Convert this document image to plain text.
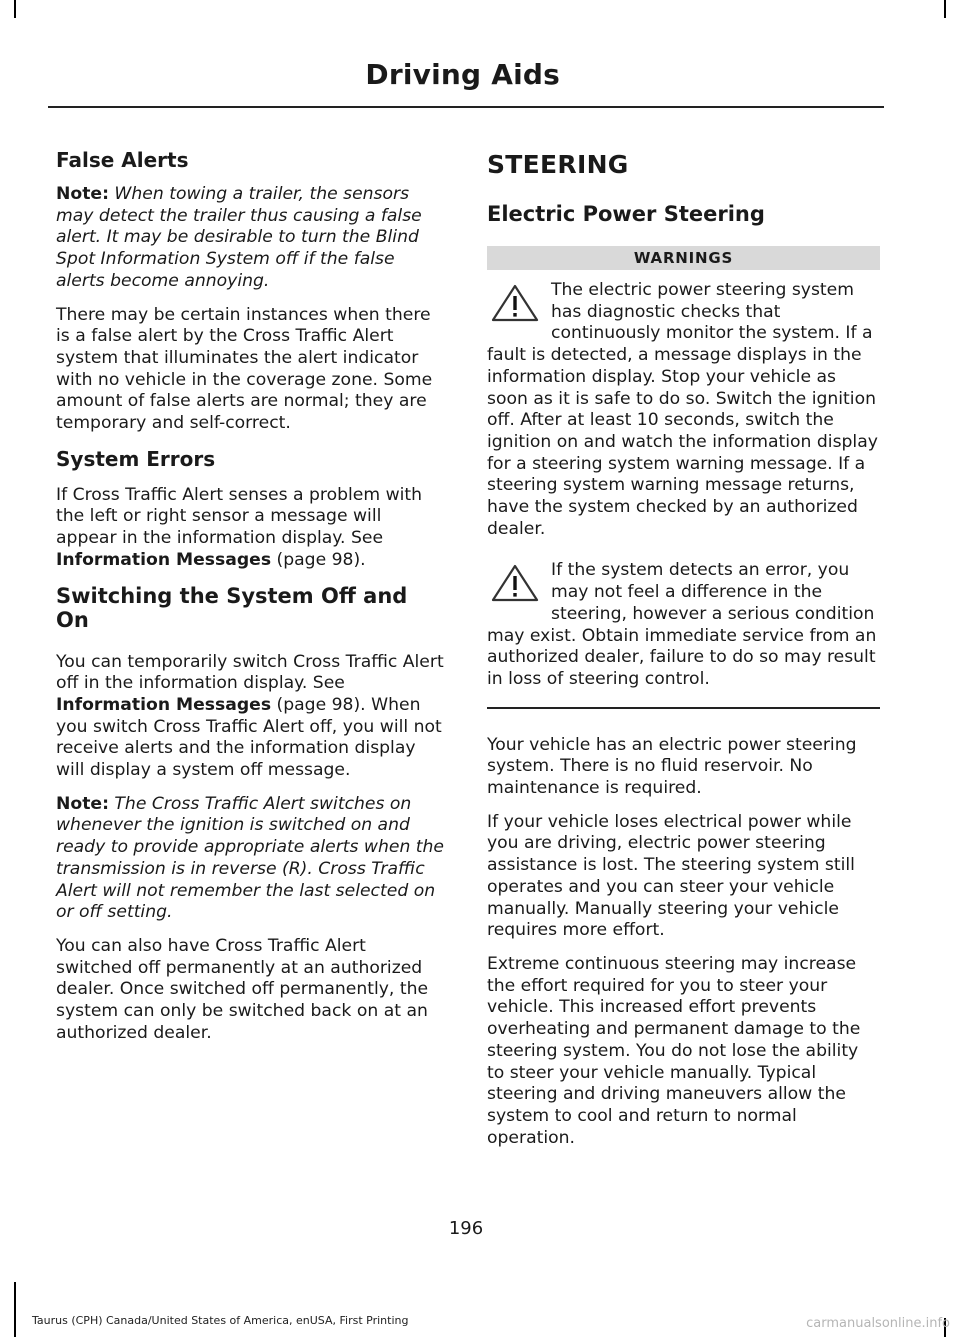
Driving Aids
False Alerts

Note: When towing a trailer, the sensors may detect the trailer thus causing a false alert. It may be desirable to turn the Blind Spot Information System off if the false alerts become annoying.

There may be certain instances when there is a false alert by the Cross Traffic Alert system that illuminates the alert indicator with no vehicle in the coverage zone. Some amount of false alerts are normal; they are temporary and self-correct.

System Errors

If Cross Traffic Alert senses a problem with the left or right sensor a message will appear in the information display. See Information Messages (page 98).

Switching the System Off and On

You can temporarily switch Cross Traffic Alert off in the information display. See Information Messages (page 98). When you switch Cross Traffic Alert off, you will not receive alerts and the information display will display a system off message.

Note: The Cross Traffic Alert switches on whenever the ignition is switched on and ready to provide appropriate alerts when the transmission is in reverse (R). Cross Traffic Alert will not remember the last selected on or off setting.

You can also have Cross Traffic Alert switched off permanently at an authorized dealer. Once switched off permanently, the system can only be switched back on at an authorized dealer.

STEERING
Electric Power Steering
WARNINGS

The electric power steering system has diagnostic checks that continuously monitor the system. If a fault is detected, a message displays in the information display. Stop your vehicle as soon as it is safe to do so. Switch the ignition off. After at least 10 seconds, switch the ignition on and watch the information display for a steering system warning message. If a steering system warning message returns, have the system checked by an authorized dealer.

If the system detects an error, you may not feel a difference in the steering, however a serious condition may exist. Obtain immediate service from an authorized dealer, failure to do so may result in loss of steering control.

Your vehicle has an electric power steering system. There is no fluid reservoir. No maintenance is required.

If your vehicle loses electrical power while you are driving, electric power steering assistance is lost. The steering system still operates and you can steer your vehicle manually. Manually steering your vehicle requires more effort.

Extreme continuous steering may increase the effort required for you to steer your vehicle. This increased effort prevents overheating and permanent damage to the steering system. You do not lose the ability to steer your vehicle manually. Typical steering and driving maneuvers allow the system to cool and return to normal operation.

196
Taurus (CPH) Canada/United States of America, enUSA, First Printing	carmanualsonline.info
